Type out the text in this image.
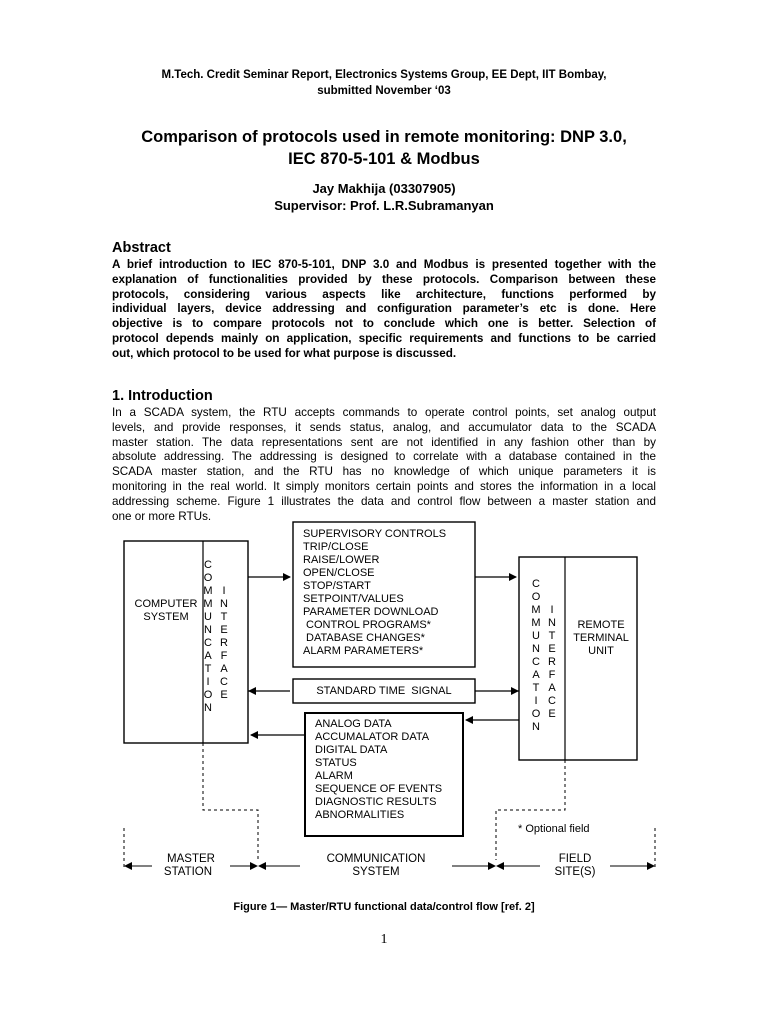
M.Tech. Credit Seminar Report, Electronics Systems Group, EE Dept, IIT Bombay,
submitted November ‘03
Comparison of protocols used in remote monitoring: DNP 3.0,
IEC 870-5-101 & Modbus
Jay Makhija (03307905)
Supervisor: Prof. L.R.Subramanyan
Abstract
A brief introduction to IEC 870-5-101, DNP 3.0 and Modbus is presented together with the
explanation of functionalities provided by these protocols. Comparison between these
protocols, considering various aspects like architecture, functions performed by
individual layers, device addressing and configuration parameter’s etc is done. Here
objective is to compare protocols not to conclude which one is better. Selection of
protocol depends mainly on application, specific requirements and functions to be carried
out, which protocol to be used for what purpose is discussed.
1. Introduction
In a SCADA system, the RTU accepts commands to operate control points, set analog output
levels, and provide responses, it sends status, analog, and accumulator data to the SCADA
master station. The data representations sent are not identified in any fashion other than by
absolute addressing. The addressing is designed to correlate with a database contained in the
SCADA master station, and the RTU has no knowledge of which unique parameters it is
monitoring in the real world. It simply monitors certain points and stores the information in a local
addressing scheme. Figure 1 illustrates the data and control flow between a master station and
one or more RTUs.
COMPUTER
SYSTEM
C
O
M
M
U
N
C
A
T
I
O
N
I
N
T
E
R
F
A
C
E
C
O
M
M
U
N
C
A
T
I
O
N
I
N
T
E
R
F
A
C
E
REMOTE
TERMINAL
UNIT
SUPERVISORY CONTROLS
TRIP/CLOSE
RAISE/LOWER
OPEN/CLOSE
STOP/START
SETPOINT/VALUES
PARAMETER DOWNLOAD
CONTROL PROGRAMS*
DATABASE CHANGES*
ALARM PARAMETERS*
STANDARD TIME  SIGNAL
ANALOG DATA
ACCUMALATOR DATA
DIGITAL DATA
STATUS
ALARM
SEQUENCE OF EVENTS
DIAGNOSTIC RESULTS
ABNORMALITIES
* Optional field
MASTER
STATION
COMMUNICATION
SYSTEM
FIELD
SITE(S)
Figure 1— Master/RTU functional data/control flow [ref. 2]
1
